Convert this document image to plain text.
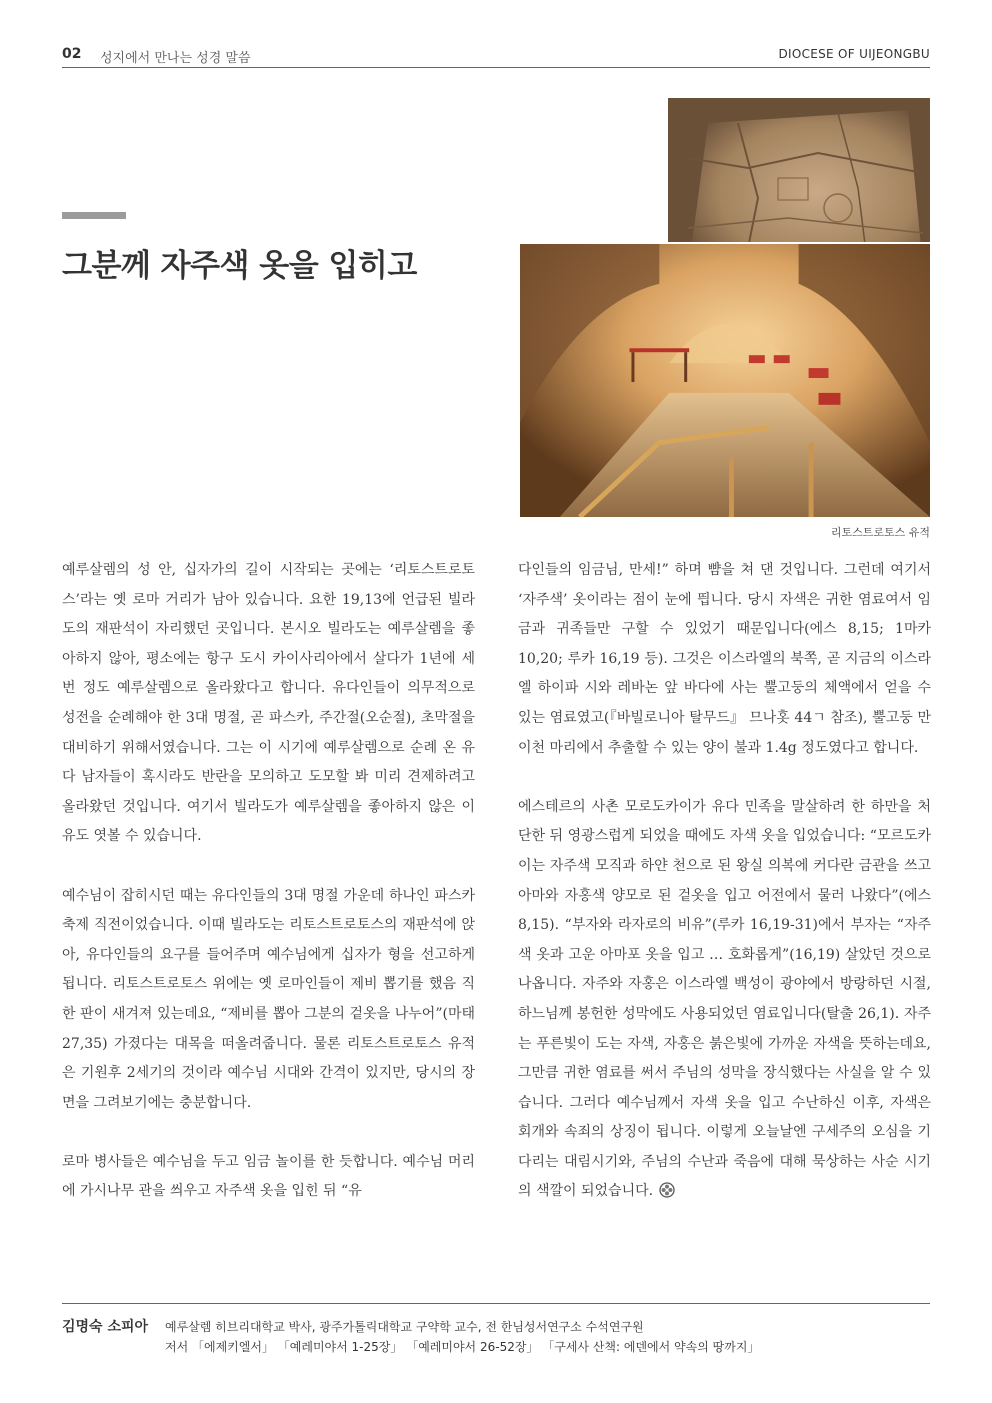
02 성지에서 만나는 성경 말씀	DIOCESE OF UIJEONGBU
그분께 자주색 옷을 입히고
리토스트로토스 유적

예루살렘의 성 안, 십자가의 길이 시작되는 곳에는 ‘리토스트로토스’라는 옛 로마 거리가 남아 있습니다. 요한 19,13에 언급된 빌라도의 재판석이 자리했던 곳입니다. 본시오 빌라도는 예루살렘을 좋아하지 않아, 평소에는 항구 도시 카이사리아에서 살다가 1년에 세 번 정도 예루살렘으로 올라왔다고 합니다. 유다인들이 의무적으로 성전을 순례해야 한 3대 명절, 곧 파스카, 주간절(오순절), 초막절을 대비하기 위해서였습니다. 그는 이 시기에 예루살렘으로 순례 온 유다 남자들이 혹시라도 반란을 모의하고 도모할 봐 미리 견제하려고 올라왔던 것입니다. 여기서 빌라도가 예루살렘을 좋아하지 않은 이유도 엿볼 수 있습니다.

예수님이 잡히시던 때는 유다인들의 3대 명절 가운데 하나인 파스카 축제 직전이었습니다. 이때 빌라도는 리토스트로토스의 재판석에 앉아, 유다인들의 요구를 들어주며 예수님에게 십자가 형을 선고하게 됩니다. 리토스트로토스 위에는 옛 로마인들이 제비 뽑기를 했음 직한 판이 새겨져 있는데요, “제비를 뽑아 그분의 겉옷을 나누어”(마태 27,35) 가졌다는 대목을 떠올려줍니다. 물론 리토스트로토스 유적은 기원후 2세기의 것이라 예수님 시대와 간격이 있지만, 당시의 장면을 그려보기에는 충분합니다.

로마 병사들은 예수님을 두고 임금 놀이를 한 듯합니다. 예수님 머리에 가시나무 관을 씌우고 자주색 옷을 입힌 뒤 “유

다인들의 임금님, 만세!” 하며 뺨을 쳐 댄 것입니다. 그런데 여기서 ‘자주색’ 옷이라는 점이 눈에 띕니다. 당시 자색은 귀한 염료여서 임금과 귀족들만 구할 수 있었기 때문입니다(에스 8,15; 1마카 10,20; 루카 16,19 등). 그것은 이스라엘의 북쪽, 곧 지금의 이스라엘 하이파 시와 레바논 앞 바다에 사는 뿔고둥의 체액에서 얻을 수 있는 염료였고(『바빌로니아 탈무드』 므나홋 44ㄱ 참조), 뿔고둥 만이천 마리에서 추출할 수 있는 양이 불과 1.4g 정도였다고 합니다.

에스테르의 사촌 모로도카이가 유다 민족을 말살하려 한 하만을 처단한 뒤 영광스럽게 되었을 때에도 자색 옷을 입었습니다: “모르도카이는 자주색 모직과 하얀 천으로 된 왕실 의복에 커다란 금관을 쓰고 아마와 자홍색 양모로 된 겉옷을 입고 어전에서 물러 나왔다”(에스 8,15). “부자와 라자로의 비유”(루카 16,19-31)에서 부자는 “자주색 옷과 고운 아마포 옷을 입고 … 호화롭게”(16,19) 살았던 것으로 나옵니다. 자주와 자홍은 이스라엘 백성이 광야에서 방랑하던 시절, 하느님께 봉헌한 성막에도 사용되었던 염료입니다(탈출 26,1). 자주는 푸른빛이 도는 자색, 자홍은 붉은빛에 가까운 자색을 뜻하는데요, 그만큼 귀한 염료를 써서 주님의 성막을 장식했다는 사실을 알 수 있습니다. 그러다 예수님께서 자색 옷을 입고 수난하신 이후, 자색은 회개와 속죄의 상징이 됩니다. 이렇게 오늘날엔 구세주의 오심을 기다리는 대림시기와, 주님의 수난과 죽음에 대해 묵상하는 사순 시기의 색깔이 되었습니다.

김명숙 소피아 예루살렘 히브리대학교 박사, 광주가톨릭대학교 구약학 교수, 전 한님성서연구소 수석연구원
저서 「에제키엘서」 「예레미야서 1-25장」 「예레미야서 26-52장」 「구세사 산책: 에덴에서 약속의 땅까지」
